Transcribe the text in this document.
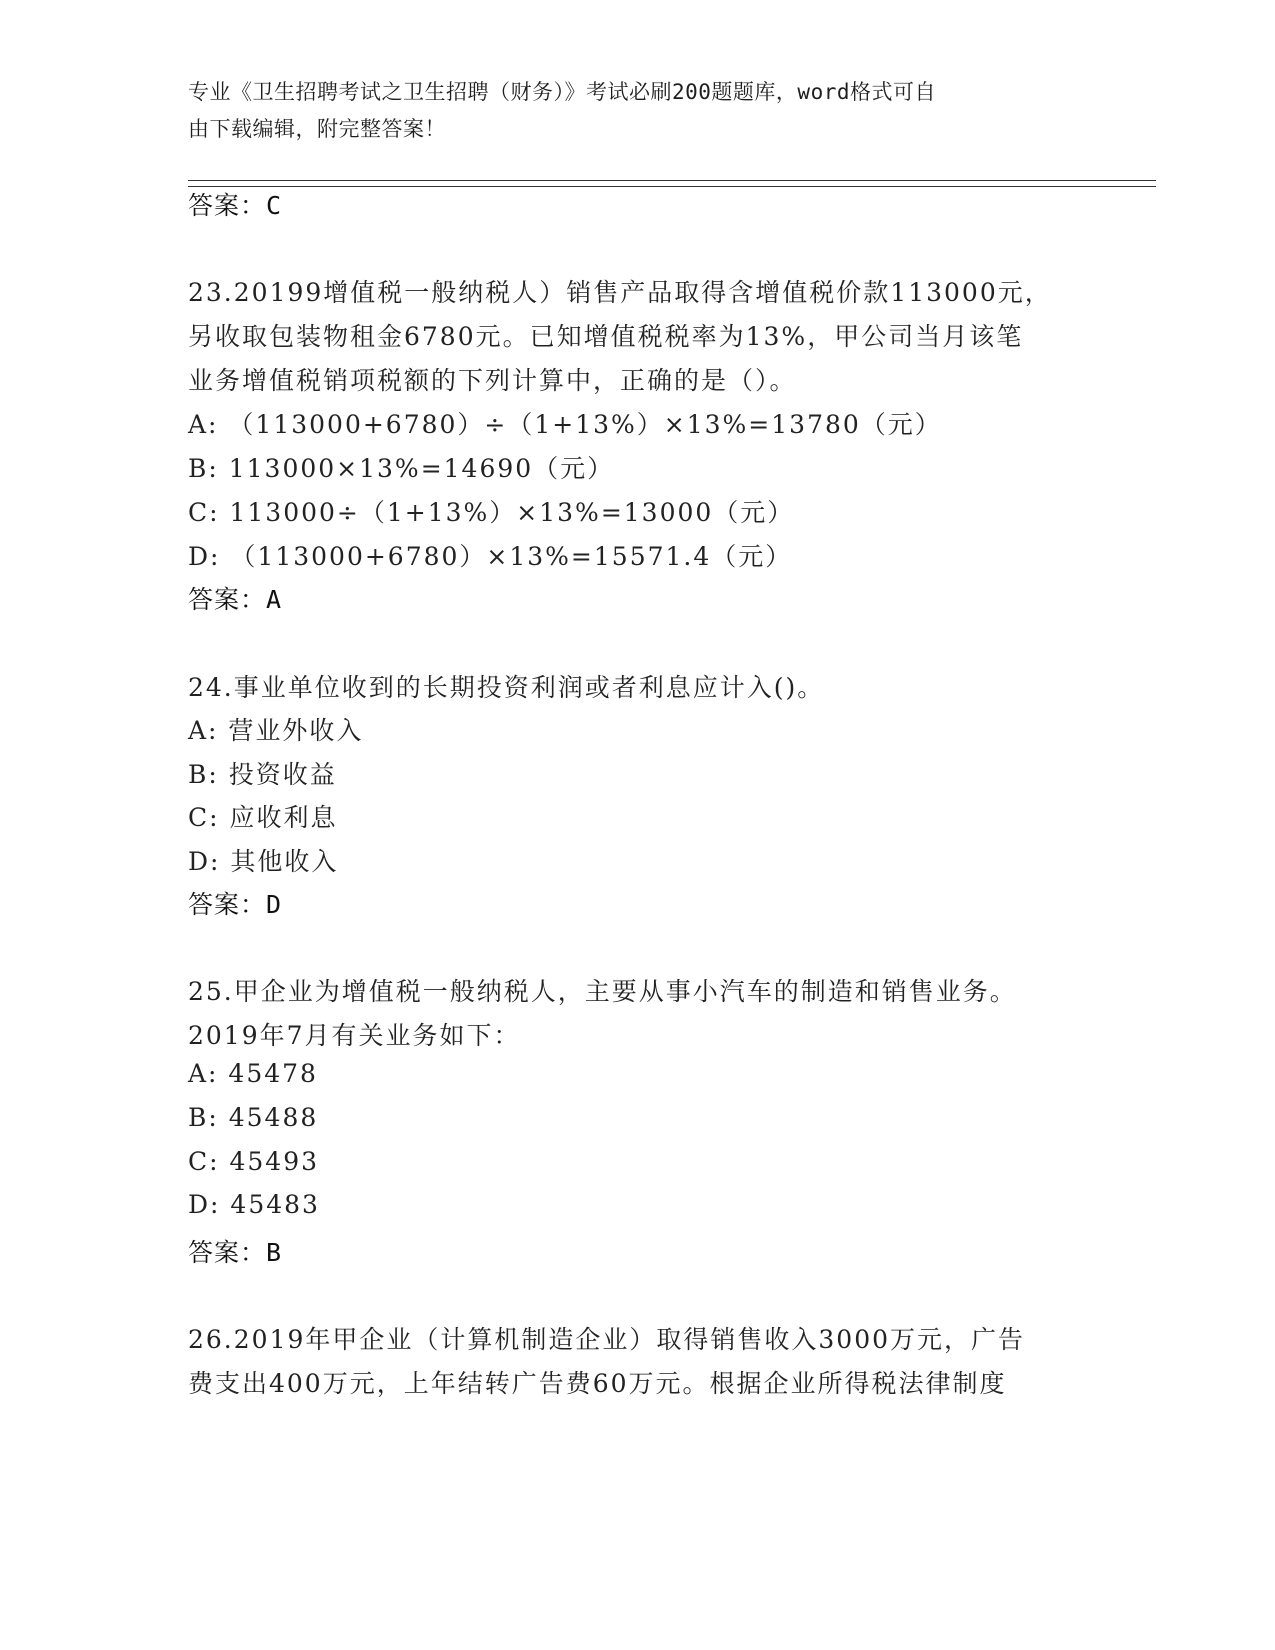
专业《卫生招聘考试之卫生招聘（财务）》考试必刷200题题库，word格式可自
由下载编辑，附完整答案！
答案：C
23.20199增值税一般纳税人）销售产品取得含增值税价款113000元，
另收取包装物租金6780元。已知增值税税率为13%，甲公司当月该笔
业务增值税销项税额的下列计算中，正确的是（）。
A: （113000+6780）÷（1+13%）×13%=13780（元）
B: 113000×13%=14690（元）
C: 113000÷（1+13%）×13%=13000（元）
D: （113000+6780）×13%=15571.4（元）
答案：A
24.事业单位收到的长期投资利润或者利息应计入()。
A: 营业外收入
B: 投资收益
C: 应收利息
D: 其他收入
答案：D
25.甲企业为增值税一般纳税人，主要从事小汽车的制造和销售业务。
2019年7月有关业务如下：
A: 45478
B: 45488
C: 45493
D: 45483
答案：B
26.2019年甲企业（计算机制造企业）取得销售收入3000万元，广告
费支出400万元，上年结转广告费60万元。根据企业所得税法律制度
